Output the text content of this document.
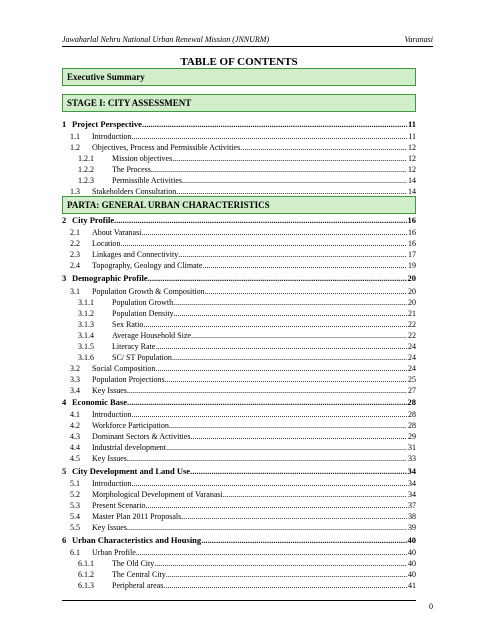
Jawaharlal Nehru National Urban Renewal Mission (JNNURM)	Varanasi
TABLE OF CONTENTS
Executive Summary
STAGE I: CITY ASSESSMENT
PARTA: GENERAL URBAN CHARACTERISTICS
1 Project Perspective .....	11
1.1 Introduction .....	11
1.2 Objectives, Process and Permissible Activities .....	12
1.2.1 Mission objectives .....	12
1.2.2 The Process .....	12
1.2.3 Permissible Activities .....	14
1.3 Stakeholders Consultation .....	14
2 City Profile .....	16
2.1 About Varanasi .....	16
2.2 Location .....	16
2.3 Linkages and Connectivity .....	17
2.4 Topography, Geology and Climate .....	19
3 Demographic Profile .....	20
3.1 Population Growth & Composition .....	20
3.1.1 Population Growth .....	20
3.1.2 Population Density .....	21
3.1.3 Sex Ratio .....	22
3.1.4 Average Household Size .....	22
3.1.5 Literacy Rate .....	24
3.1.6 SC/ ST Population .....	24
3.2 Social Composition .....	24
3.3 Population Projections .....	25
3.4 Key Issues .....	27
4 Economic Base .....	28
4.1 Introduction .....	28
4.2 Workforce Participation .....	28
4.3 Dominant Sectors & Activities .....	29
4.4 Industrial development .....	31
4.5 Key Issues .....	33
5 City Development and Land Use .....	34
5.1 Introduction .....	34
5.2 Morphological Development of Varanasi .....	34
5.3 Present Scenario .....	37
5.4 Master Plan 2011 Proposals .....	38
5.5 Key Issues .....	39
6 Urban Characteristics and Housing .....	40
6.1 Urban Profile .....	40
6.1.1 The Old City .....	40
6.1.2 The Central City .....	40
6.1.3 Peripheral areas .....	41
0
